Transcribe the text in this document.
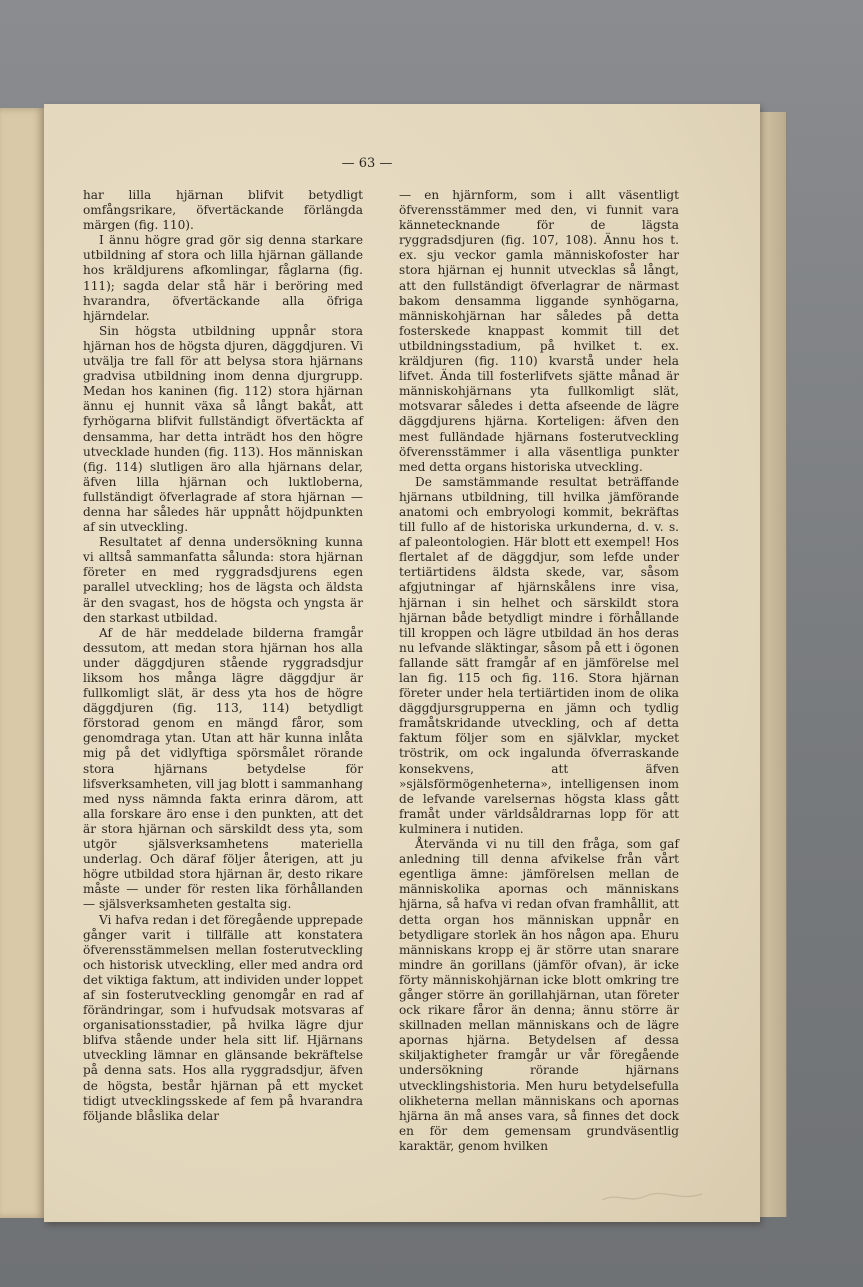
— 63 —

har lilla hjärnan blifvit betydligt omfångsrikare, öfvertäckande förlängda märgen (fig. 110).

I ännu högre grad gör sig denna starkare utbildning af stora och lilla hjärnan gällande hos kräldjurens afkomlingar, fåglarna (fig. 111); sagda delar stå här i beröring med hvarandra, öfvertäckande alla öfriga hjärndelar.

Sin högsta utbildning uppnår stora hjärnan hos de högsta djuren, däggdjuren. Vi utvälja tre fall för att belysa stora hjärnans gradvisa utbildning inom denna djurgrupp. Medan hos kaninen (fig. 112) stora hjärnan ännu ej hunnit växa så långt bakåt, att fyrhögarna blifvit fullständigt öfvertäckta af densamma, har detta inträdt hos den högre utvecklade hunden (fig. 113). Hos människan (fig. 114) slutligen äro alla hjärnans delar, äfven lilla hjärnan och luktloberna, fullständigt öfverlagrade af stora hjärnan — denna har således här uppnått höjdpunkten af sin utveckling.

Resultatet af denna undersökning kunna vi alltså sammanfatta sålunda: stora hjärnan företer en med ryggradsdjurens egen parallel utveckling; hos de lägsta och äldsta är den svagast, hos de högsta och yngsta är den starkast utbildad.

Af de här meddelade bilderna framgår dessutom, att medan stora hjärnan hos alla under däggdjuren stående ryggradsdjur liksom hos många lägre däggdjur är fullkomligt slät, är dess yta hos de högre däggdjuren (fig. 113, 114) betydligt förstorad genom en mängd fåror, som genomdraga ytan. Utan att här kunna inlåta mig på det vidlyftiga spörsmålet rörande stora hjärnans betydelse för lifsverksamheten, vill jag blott i sammanhang med nyss nämnda fakta erinra därom, att alla forskare äro ense i den punkten, att det är stora hjärnan och särskildt dess yta, som utgör själsverksamhetens materiella underlag. Och däraf följer återigen, att ju högre utbildad stora hjärnan är, desto rikare måste — under för resten lika förhållanden — själsverksamheten gestalta sig.

Vi hafva redan i det föregående upprepade gånger varit i tillfälle att konstatera öfverensstämmelsen mellan fosterutveckling och historisk utveckling, eller med andra ord det viktiga faktum, att individen under loppet af sin fosterutveckling genomgår en rad af förändringar, som i hufvudsak motsvaras af organisationsstadier, på hvilka lägre djur blifva stående under hela sitt lif. Hjärnans utveckling lämnar en glänsande bekräftelse på denna sats. Hos alla ryggradsdjur, äfven de högsta, består hjärnan på ett mycket tidigt utvecklingsskede af fem på hvarandra följande blåslika delar

— en hjärnform, som i allt väsentligt öfverensstämmer med den, vi funnit vara kännetecknande för de lägsta ryggradsdjuren (fig. 107, 108). Ännu hos t. ex. sju veckor gamla människofoster har stora hjärnan ej hunnit utvecklas så långt, att den fullständigt öfverlagrar de närmast bakom densamma liggande synhögarna, människohjärnan har således på detta fosterskede knappast kommit till det utbildningsstadium, på hvilket t. ex. kräldjuren (fig. 110) kvarstå under hela lifvet. Ända till fosterlifvets sjätte månad är människohjärnans yta fullkomligt slät, motsvarar således i detta afseende de lägre däggdjurens hjärna. Korteligen: äfven den mest fulländade hjärnans fosterutveckling öfverensstämmer i alla väsentliga punkter med detta organs historiska utveckling.

De samstämmande resultat beträffande hjärnans utbildning, till hvilka jämförande anatomi och embryologi kommit, bekräftas till fullo af de historiska urkunderna, d. v. s. af paleontologien. Här blott ett exempel! Hos flertalet af de däggdjur, som lefde under tertiärtidens äldsta skede, var, såsom afgjutningar af hjärnskålens inre visa, hjärnan i sin helhet och särskildt stora hjärnan både betydligt mindre i förhållande till kroppen och lägre utbildad än hos deras nu lefvande släktingar, såsom på ett i ögonen fallande sätt framgår af en jämförelse mel lan fig. 115 och fig. 116. Stora hjärnan företer under hela tertiärtiden inom de olika däggdjursgrupperna en jämn och tydlig framåtskridande utveckling, och af detta faktum följer som en självklar, mycket tröstrik, om ock ingalunda öfverraskande konsekvens, att äfven »själsförmögenheterna», intelligensen inom de lefvande varelsernas högsta klass gått framåt under världsåldrarnas lopp för att kulminera i nutiden.

Återvända vi nu till den fråga, som gaf anledning till denna afvikelse från vårt egentliga ämne: jämförelsen mellan de människolika apornas och människans hjärna, så hafva vi redan ofvan framhållit, att detta organ hos människan uppnår en betydligare storlek än hos någon apa. Ehuru människans kropp ej är större utan snarare mindre än gorillans (jämför ofvan), är icke förty människohjärnan icke blott omkring tre gånger större än gorillahjärnan, utan företer ock rikare fåror än denna; ännu större är skillnaden mellan människans och de lägre apornas hjärna. Betydelsen af dessa skiljaktigheter framgår ur vår föregående undersökning rörande hjärnans utvecklingshistoria. Men huru betydelsefulla olikheterna mellan människans och apornas hjärna än må anses vara, så finnes det dock en för dem gemensam grundväsentlig karaktär, genom hvilken
